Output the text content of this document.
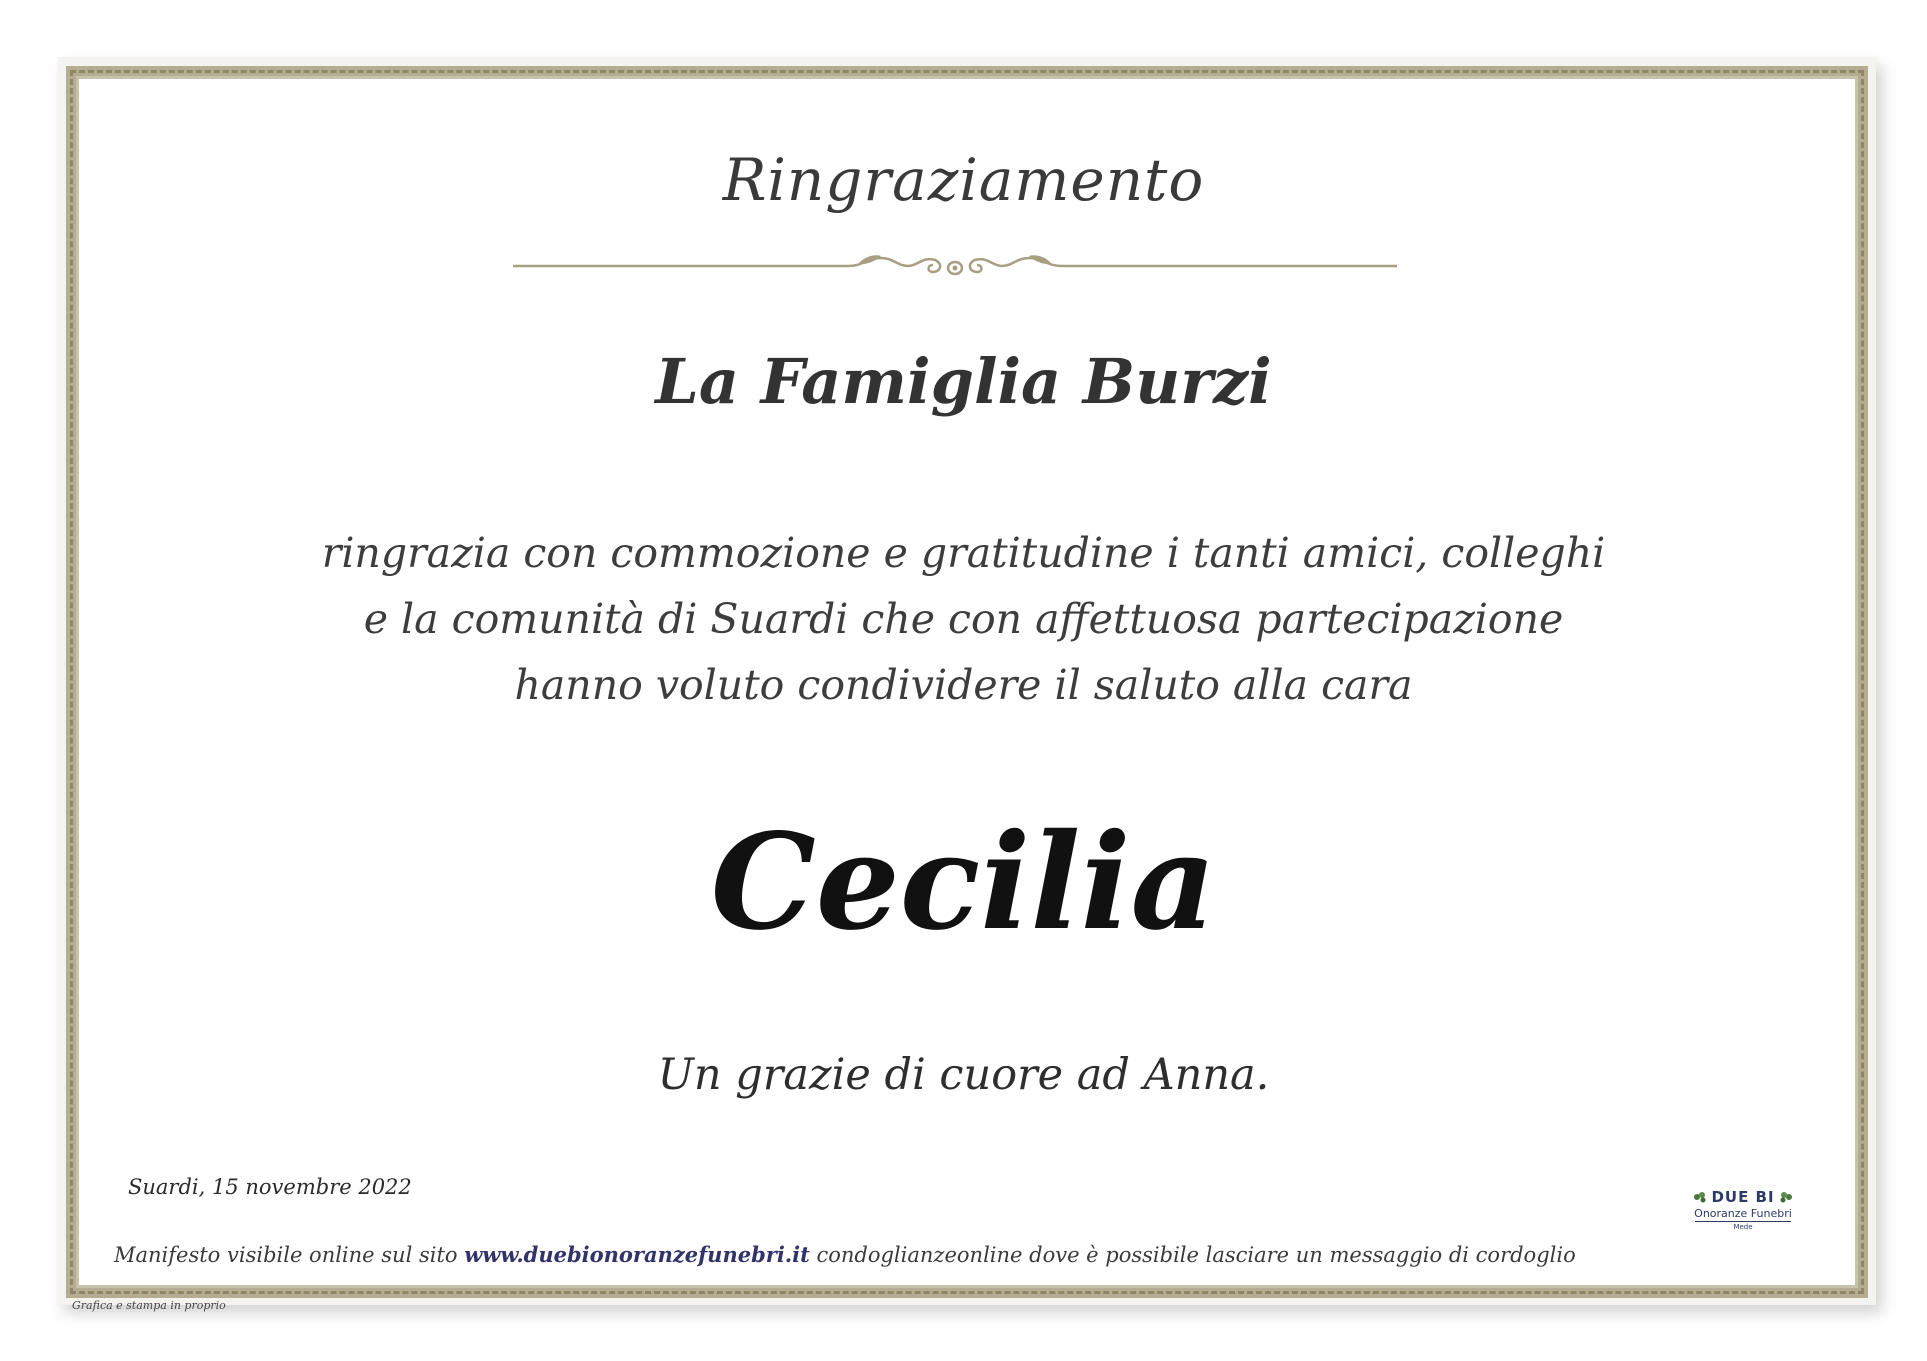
Ringraziamento
La Famiglia Burzi
ringrazia con commozione e gratitudine i tanti amici, colleghi
e la comunità di Suardi che con affettuosa partecipazione
hanno voluto condividere il saluto alla cara
Cecilia
Un grazie di cuore ad Anna.
Suardi, 15 novembre 2022
Manifesto visibile online sul sito www.duebionoranzefunebri.it condoglianzeonline dove è possibile lasciare un messaggio di cordoglio
Grafica e stampa in proprio
DUE BI
Onoranze Funebri
Mede
